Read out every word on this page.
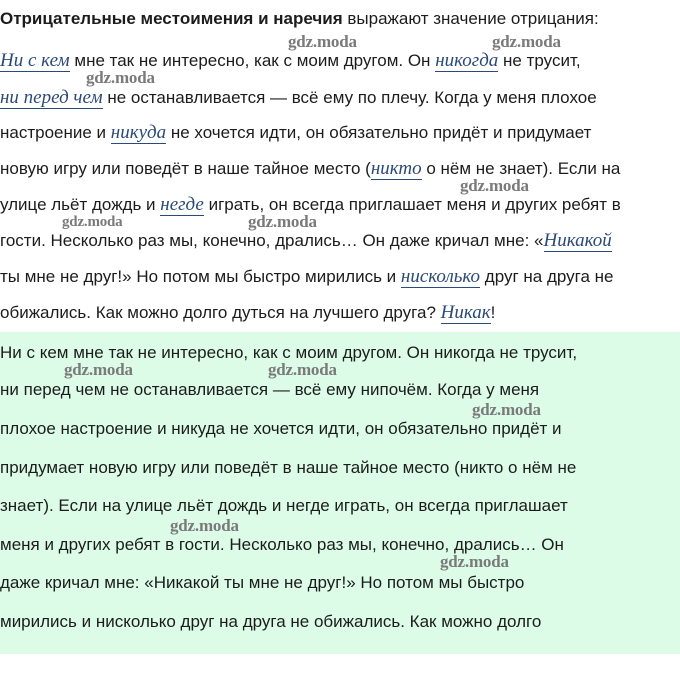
Отрицательные местоимения и наречия выражают значение отрицания:
Ни с кем мне так не интересно, как с моим другом. Он никогда не трусит,
ни перед чем не останавливается — всё ему по плечу. Когда у меня плохое
настроение и никуда не хочется идти, он обязательно придёт и придумает
новую игру или поведёт в наше тайное место (никто о нём не знает). Если на
улице льёт дождь и негде играть, он всегда приглашает меня и других ребят в
гости. Несколько раз мы, конечно, дрались… Он даже кричал мне: «Никакой
ты мне не друг!» Но потом мы быстро мирились и нисколько друг на друга не
обижались. Как можно долго дуться на лучшего друга? Никак!
Ни с кем мне так не интересно, как с моим другом. Он никогда не трусит,
ни перед чем не останавливается — всё ему нипочём. Когда у меня
плохое настроение и никуда не хочется идти, он обязательно придёт и
придумает новую игру или поведёт в наше тайное место (никто о нём не
знает). Если на улице льёт дождь и негде играть, он всегда приглашает
меня и других ребят в гости. Несколько раз мы, конечно, дрались… Он
даже кричал мне: «Никакой ты мне не друг!» Но потом мы быстро
мирились и нисколько друг на друга не обижались. Как можно долго
gdz.moda	gdz.moda
gdz.moda
gdz.moda
gdz.moda	gdz.moda
gdz.moda	gdz.moda
gdz.moda
gdz.moda
gdz.moda
